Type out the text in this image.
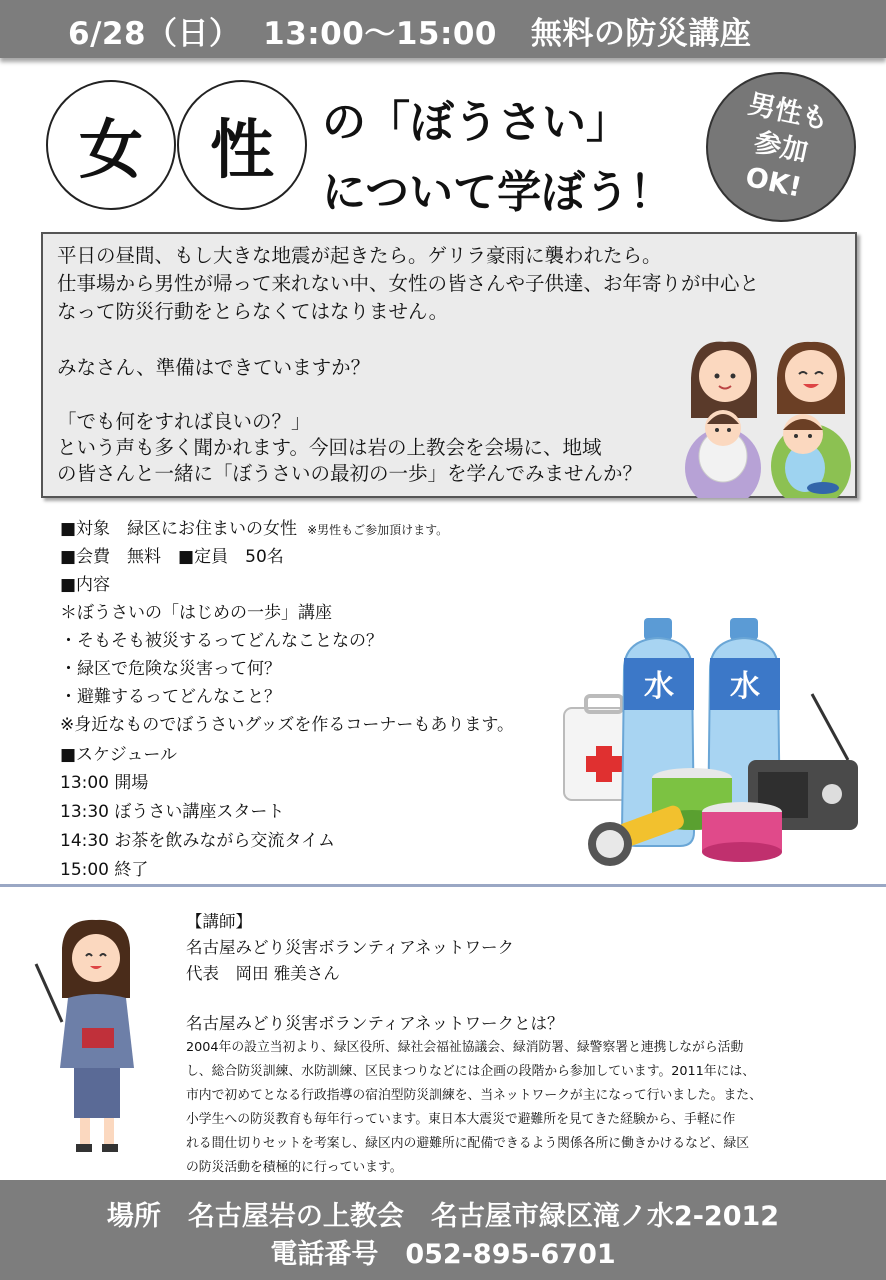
6/28（日） 13:00〜15:00 無料の防災講座
女 性 の「ぼうさい」
について学ぼう！
男性も
参加
OK!
平日の昼間、もし大きな地震が起きたら。ゲリラ豪雨に襲われたら。
仕事場から男性が帰って来れない中、女性の皆さんや子供達、お年寄りが中心と
なって防災行動をとらなくてはなりません。
みなさん、準備はできていますか？
「でも何をすれば良いの？」
という声も多く聞かれます。今回は岩の上教会を会場に、地域
の皆さんと一緒に「ぼうさいの最初の一歩」を学んでみませんか？
■対象　緑区にお住まいの女性 ※男性もご参加頂けます。
■会費　無料　■定員　50名
■内容
＊ぼうさいの「はじめの一歩」講座
・そもそも被災するってどんなことなの？
・緑区で危険な災害って何？
・避難するってどんなこと？
※身近なものでぼうさいグッズを作るコーナーもあります。
■スケジュール
13:00 開場
13:30 ぼうさい講座スタート
14:30 お茶を飲みながら交流タイム
15:00 終了
水 水
【講師】
名古屋みどり災害ボランティアネットワーク
代表　岡田 雅美さん
名古屋みどり災害ボランティアネットワークとは？
2004年の設立当初より、緑区役所、緑社会福祉協議会、緑消防署、緑警察署と連携しながら活動
し、総合防災訓練、水防訓練、区民まつりなどには企画の段階から参加しています。2011年には、
市内で初めてとなる行政指導の宿泊型防災訓練を、当ネットワークが主になって行いました。また、
小学生への防災教育も毎年行っています。東日本大震災で避難所を見てきた経験から、手軽に作
れる間仕切りセットを考案し、緑区内の避難所に配備できるよう関係各所に働きかけるなど、緑区
の防災活動を積極的に行っています。
場所　名古屋岩の上教会　名古屋市緑区滝ノ水2-2012
電話番号　052-895-6701
